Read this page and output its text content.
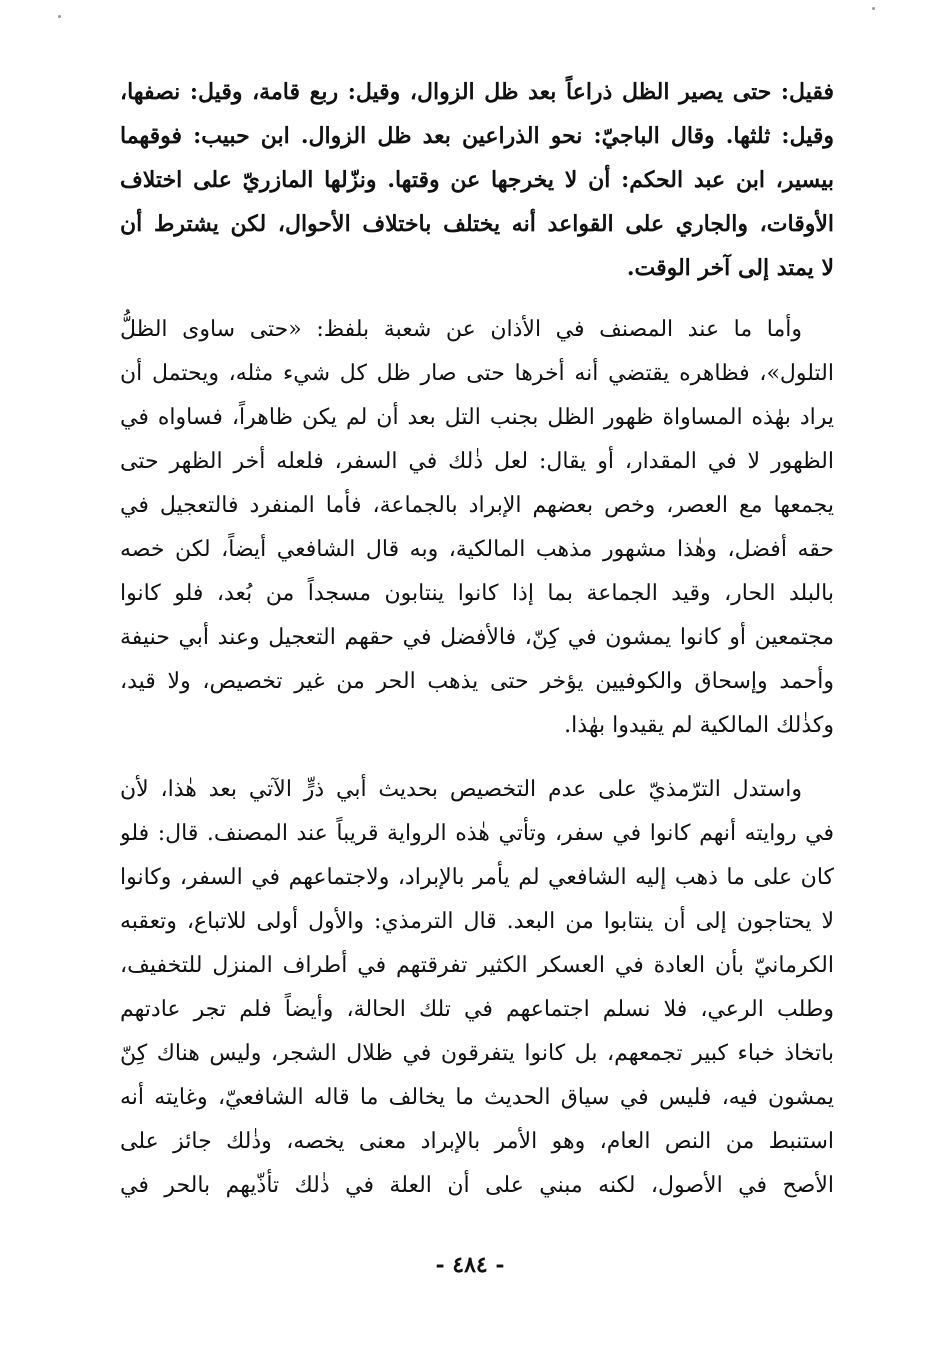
فقيل: حتى يصير الظل ذراعاً بعد ظل الزوال، وقيل: ربع قامة، وقيل: نصفها،
وقيل: ثلثها. وقال الباجيّ: نحو الذراعين بعد ظل الزوال. ابن حبيب: فوقهما
بيسير، ابن عبد الحكم: أن لا يخرجها عن وقتها. ونزّلها المازريّ على اختلاف
الأوقات، والجاري على القواعد أنه يختلف باختلاف الأحوال، لكن يشترط أن
لا يمتد إلى آخر الوقت.
وأما ما عند المصنف في الأذان عن شعبة بلفظ: «حتى ساوى الظلُّ
التلول»، فظاهره يقتضي أنه أخرها حتى صار ظل كل شيء مثله، ويحتمل أن
يراد بهٰذه المساواة ظهور الظل بجنب التل بعد أن لم يكن ظاهراً، فساواه في
الظهور لا في المقدار، أو يقال: لعل ذٰلك في السفر، فلعله أخر الظهر حتى
يجمعها مع العصر، وخص بعضهم الإبراد بالجماعة، فأما المنفرد فالتعجيل في
حقه أفضل، وهٰذا مشهور مذهب المالكية، وبه قال الشافعي أيضاً، لكن خصه
بالبلد الحار، وقيد الجماعة بما إذا كانوا ينتابون مسجداً من بُعد، فلو كانوا
مجتمعين أو كانوا يمشون في كِنّ، فالأفضل في حقهم التعجيل وعند أبي حنيفة
وأحمد وإسحاق والكوفيين يؤخر حتى يذهب الحر من غير تخصيص، ولا قيد،
وكذٰلك المالكية لم يقيدوا بهٰذا.
واستدل الترّمذيّ على عدم التخصيص بحديث أبي ذرٍّ الآتي بعد هٰذا، لأن
في روايته أنهم كانوا في سفر، وتأتي هٰذه الرواية قريباً عند المصنف. قال: فلو
كان على ما ذهب إليه الشافعي لم يأمر بالإبراد، ولاجتماعهم في السفر، وكانوا
لا يحتاجون إلى أن ينتابوا من البعد. قال الترمذي: والأول أولى للاتباع، وتعقبه
الكرمانيّ بأن العادة في العسكر الكثير تفرقتهم في أطراف المنزل للتخفيف،
وطلب الرعي، فلا نسلم اجتماعهم في تلك الحالة، وأيضاً فلم تجر عادتهم
باتخاذ خباء كبير تجمعهم، بل كانوا يتفرقون في ظلال الشجر، وليس هناك كِنّ
يمشون فيه، فليس في سياق الحديث ما يخالف ما قاله الشافعيّ، وغايته أنه
استنبط من النص العام، وهو الأمر بالإبراد معنى يخصه، وذٰلك جائز على
الأصح في الأصول، لكنه مبني على أن العلة في ذٰلك تأذّيهم بالحر في
- ٤٨٤ -
